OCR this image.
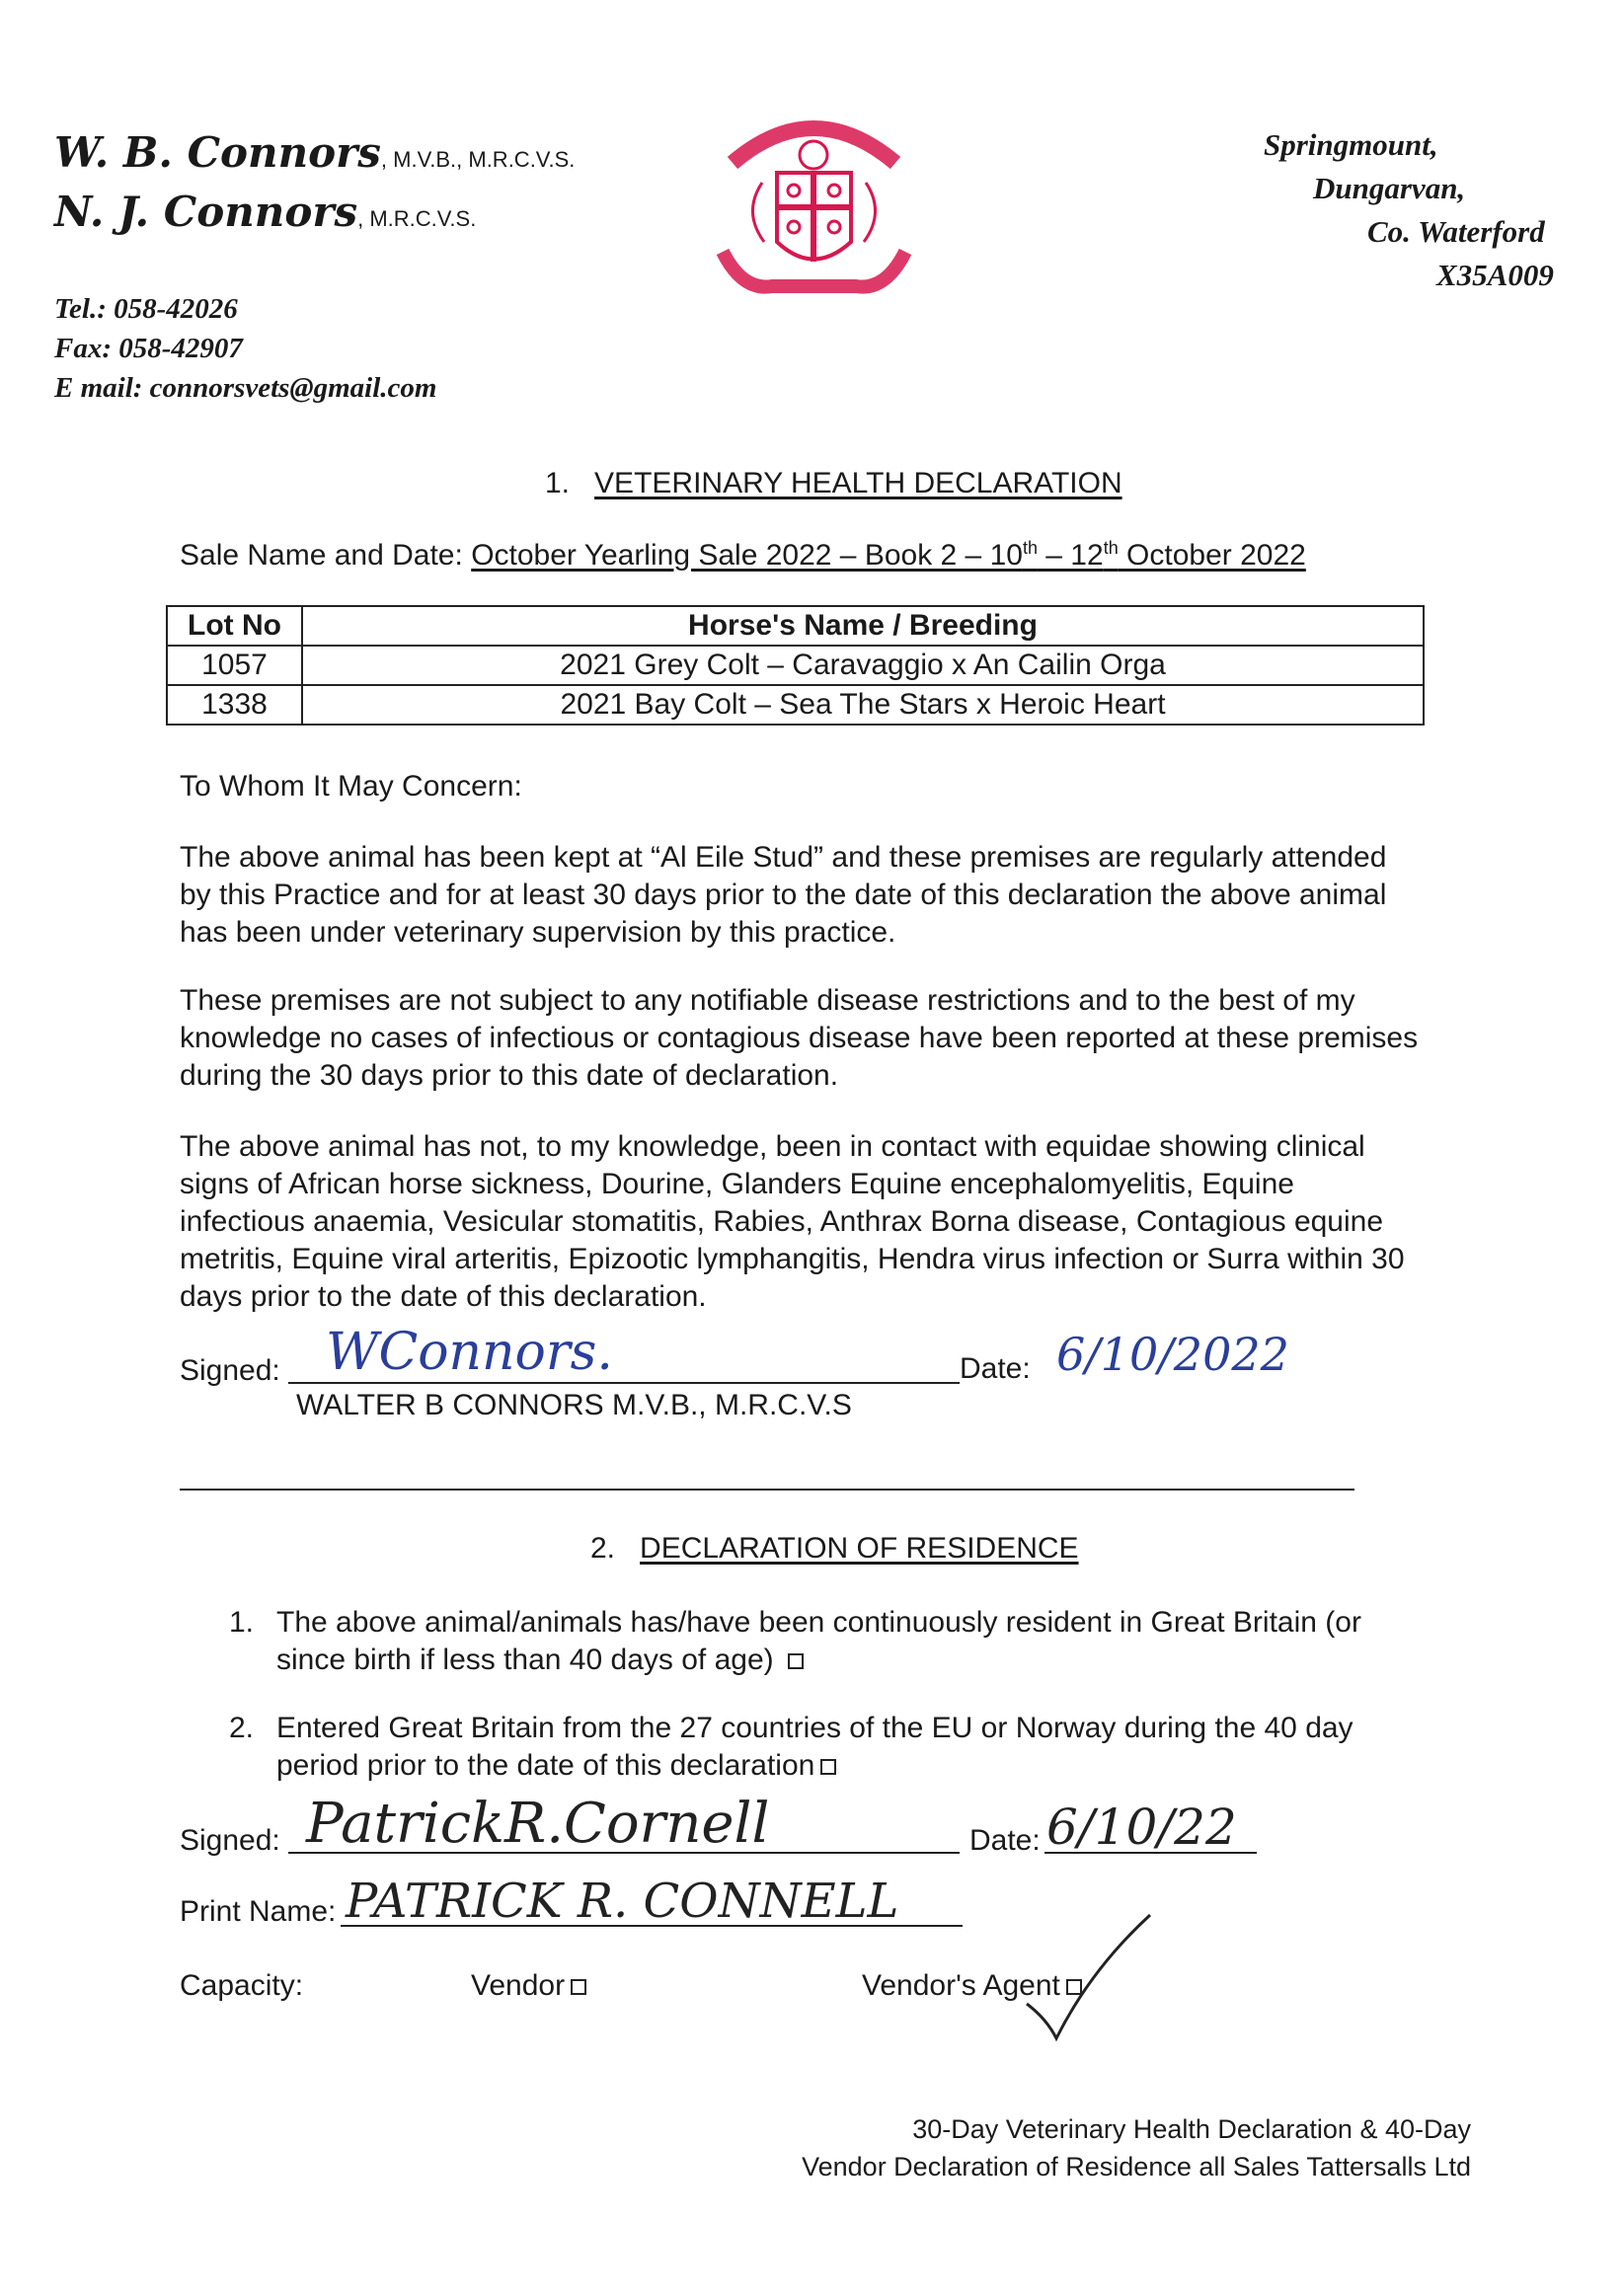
W. B. Connors, M.V.B., M.R.C.V.S.
N. J. Connors, M.R.C.V.S.
Tel.: 058-42026
Fax: 058-42907
E mail: connorsvets@gmail.com
Springmount,
Dungarvan,
Co. Waterford
X35A009
1. VETERINARY HEALTH DECLARATION
Sale Name and Date: October Yearling Sale 2022 – Book 2 – 10th – 12th October 2022
Lot No	Horse's Name / Breeding
1057	2021 Grey Colt – Caravaggio x An Cailin Orga
1338	2021 Bay Colt – Sea The Stars x Heroic Heart
To Whom It May Concern:
The above animal has been kept at “Al Eile Stud” and these premises are regularly attended by this Practice and for at least 30 days prior to the date of this declaration the above animal has been under veterinary supervision by this practice.
These premises are not subject to any notifiable disease restrictions and to the best of my knowledge no cases of infectious or contagious disease have been reported at these premises during the 30 days prior to this date of declaration.
The above animal has not, to my knowledge, been in contact with equidae showing clinical signs of African horse sickness, Dourine, Glanders Equine encephalomyelitis, Equine infectious anaemia, Vesicular stomatitis, Rabies, Anthrax Borna disease, Contagious equine metritis, Equine viral arteritis, Epizootic lymphangitis, Hendra virus infection or Surra within 30 days prior to the date of this declaration.
Signed: WConnors.	Date: 6/10/2022
WALTER B CONNORS M.V.B., M.R.C.V.S
2. DECLARATION OF RESIDENCE
1. The above animal/animals has/have been continuously resident in Great Britain (or since birth if less than 40 days of age)
2. Entered Great Britain from the 27 countries of the EU or Norway during the 40 day period prior to the date of this declaration
Signed: PatrickR.Cornell	Date: 6/10/22
Print Name: PATRICK R. CONNELL
Capacity:	Vendor	Vendor's Agent
30-Day Veterinary Health Declaration & 40-Day
Vendor Declaration of Residence all Sales Tattersalls Ltd
